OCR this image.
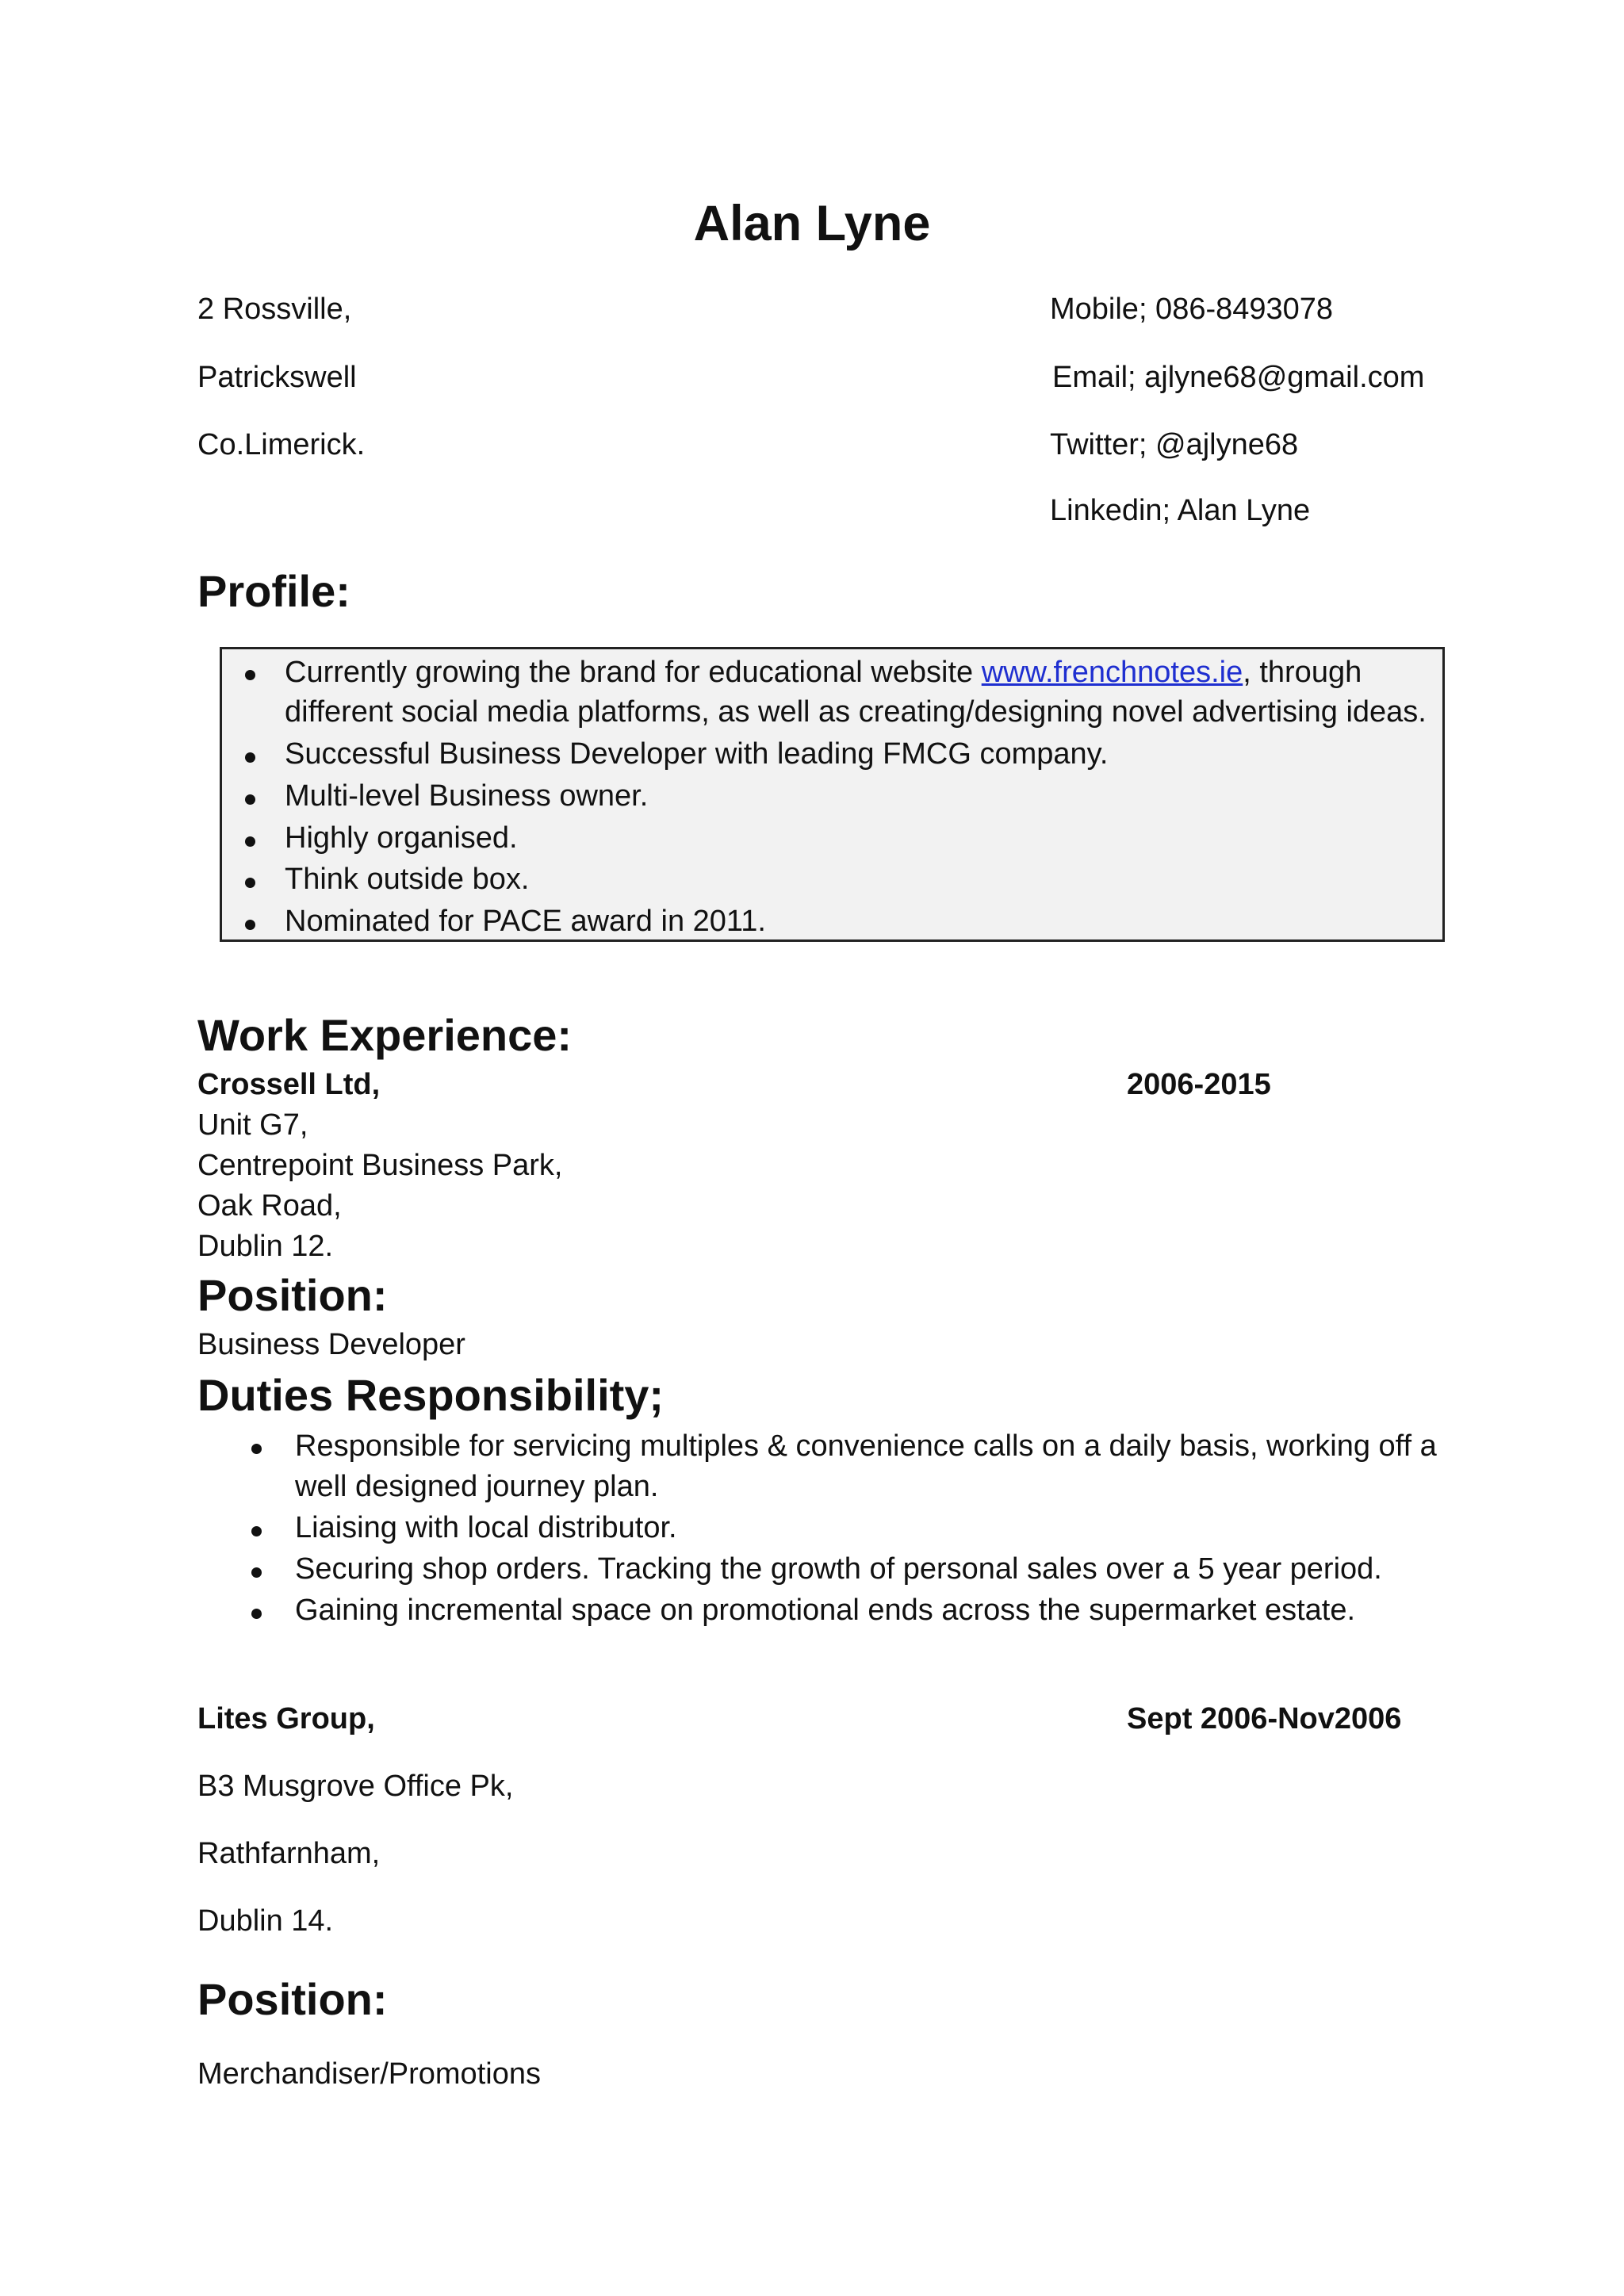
Alan Lyne
2 Rossville,
Patrickswell
Co.Limerick.
Mobile; 086-8493078
Email; ajlyne68@gmail.com
Twitter; @ajlyne68
Linkedin; Alan Lyne
Profile:
Currently growing the brand for educational website www.frenchnotes.ie, through
different social media platforms, as well as creating/designing novel advertising ideas.
Successful Business Developer with leading FMCG company.
Multi-level Business owner.
Highly organised.
Think outside box.
Nominated for PACE award in 2011.
Work Experience:
Crossell Ltd,	2006-2015
Unit G7,
Centrepoint Business Park,
Oak Road,
Dublin 12.
Position:
Business Developer
Duties Responsibility;
Responsible for servicing multiples & convenience calls on a daily basis, working off a
well designed journey plan.
Liaising with local distributor.
Securing shop orders. Tracking the growth of personal sales over a 5 year period.
Gaining incremental space on promotional ends across the supermarket estate.
Lites Group,	Sept 2006-Nov2006
B3 Musgrove Office Pk,
Rathfarnham,
Dublin 14.
Position:
Merchandiser/Promotions
